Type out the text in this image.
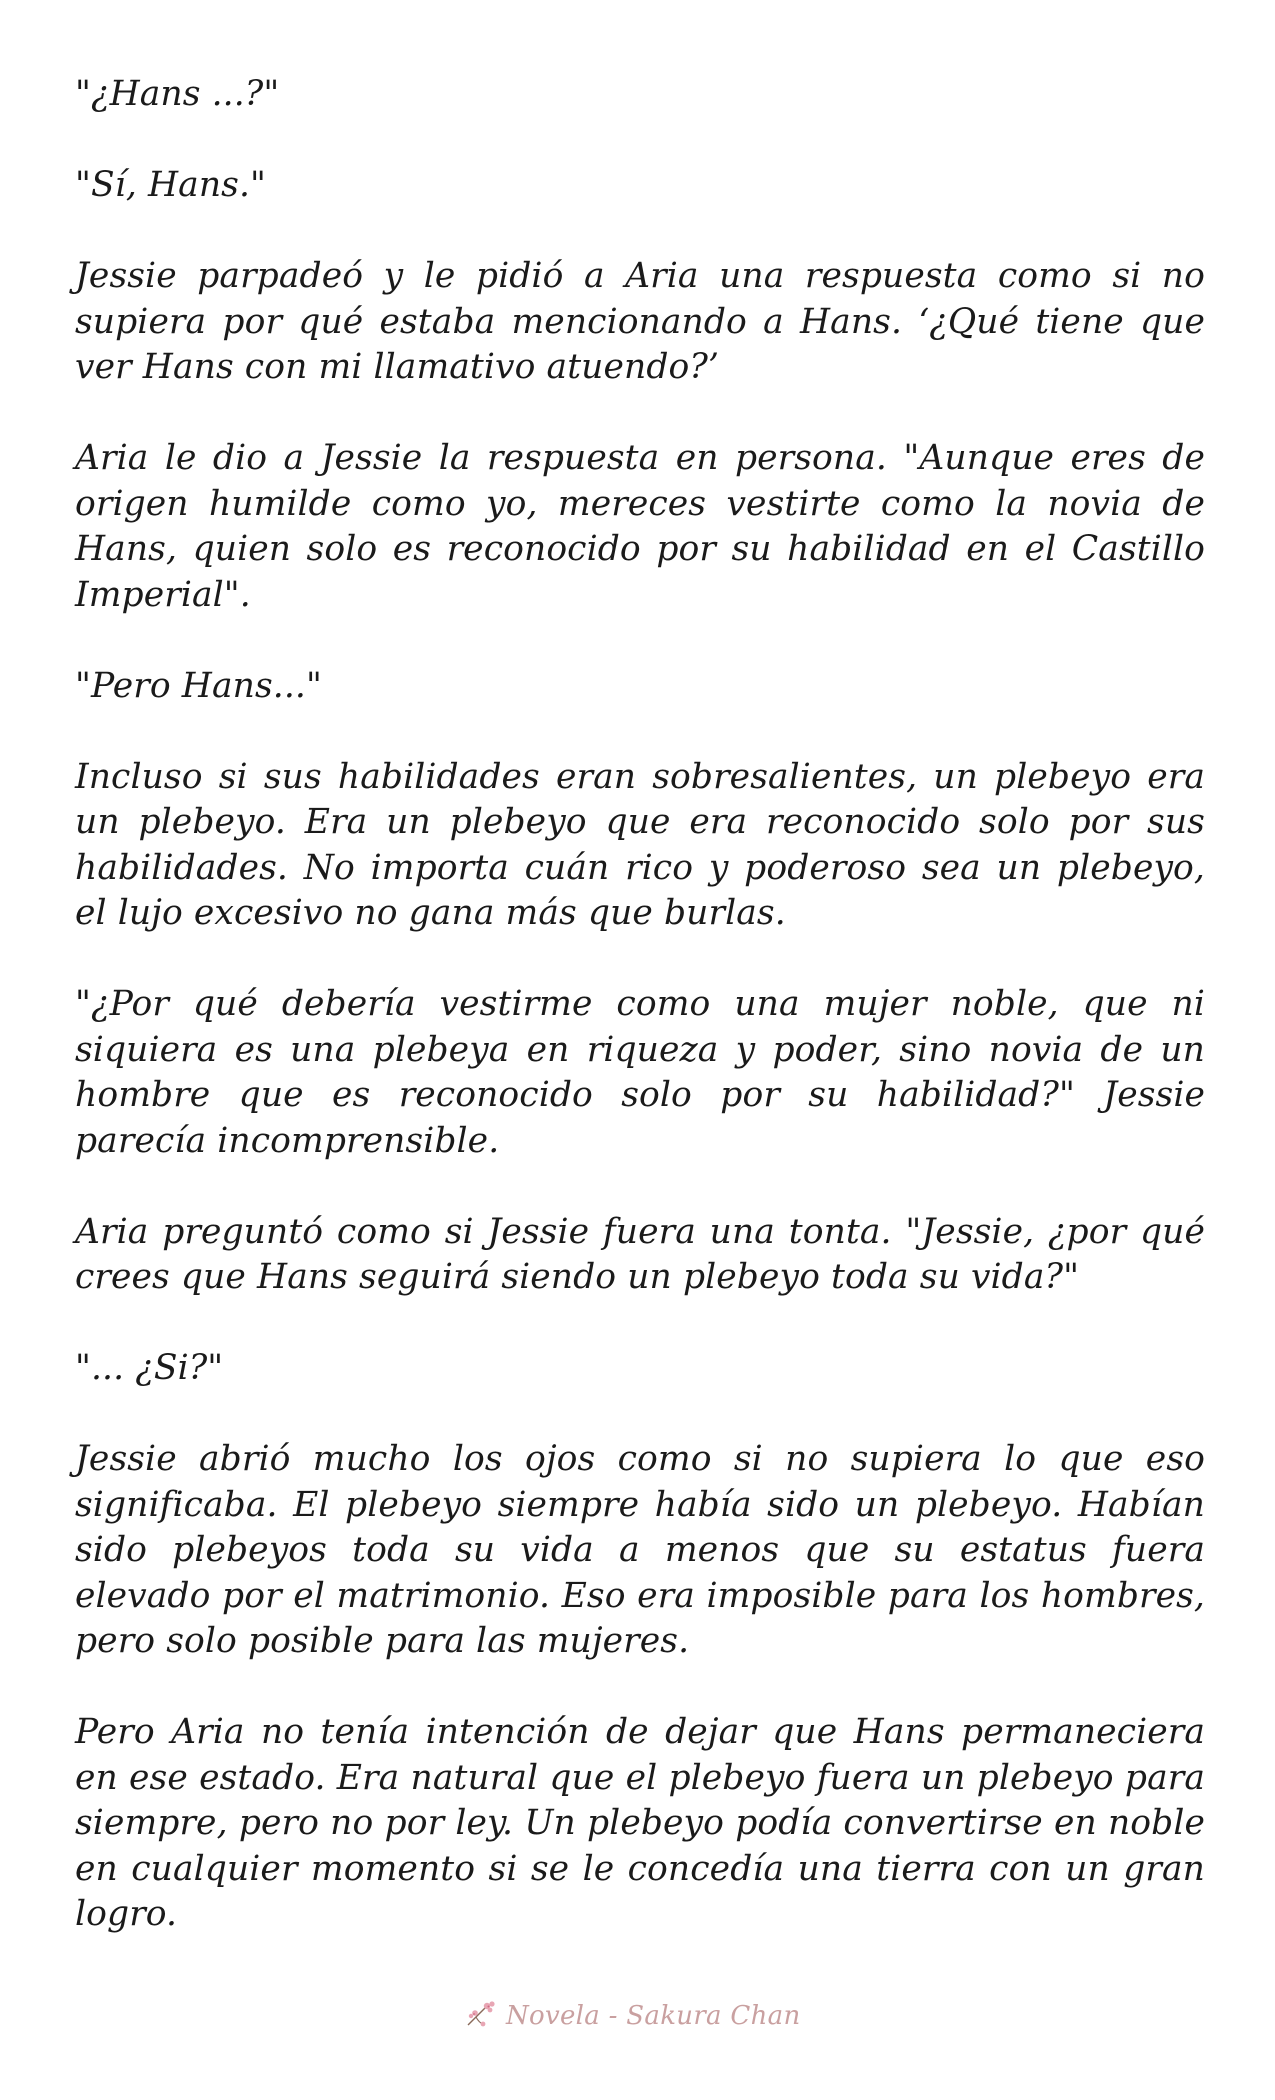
"¿Hans ...?"

"Sí, Hans."

Jessie parpadeó y le pidió a Aria una respuesta como si no supiera por qué estaba mencionando a Hans. ‘¿Qué tiene que ver Hans con mi llamativo atuendo?’

Aria le dio a Jessie la respuesta en persona. "Aunque eres de origen humilde como yo, mereces vestirte como la novia de Hans, quien solo es reconocido por su habilidad en el Castillo Imperial".

"Pero Hans..."

Incluso si sus habilidades eran sobresalientes, un plebeyo era un plebeyo. Era un plebeyo que era reconocido solo por sus habilidades. No importa cuán rico y poderoso sea un plebeyo, el lujo excesivo no gana más que burlas.

"¿Por qué debería vestirme como una mujer noble, que ni siquiera es una plebeya en riqueza y poder, sino novia de un hombre que es reconocido solo por su habilidad?" Jessie parecía incomprensible.

Aria preguntó como si Jessie fuera una tonta. "Jessie, ¿por qué crees que Hans seguirá siendo un plebeyo toda su vida?"

"... ¿Si?"

Jessie abrió mucho los ojos como si no supiera lo que eso significaba. El plebeyo siempre había sido un plebeyo. Habían sido plebeyos toda su vida a menos que su estatus fuera elevado por el matrimonio. Eso era imposible para los hombres, pero solo posible para las mujeres.

Pero Aria no tenía intención de dejar que Hans permaneciera en ese estado. Era natural que el plebeyo fuera un plebeyo para siempre, pero no por ley. Un plebeyo podía convertirse en noble en cualquier momento si se le concedía una tierra con un gran logro.

Novela - Sakura Chan
